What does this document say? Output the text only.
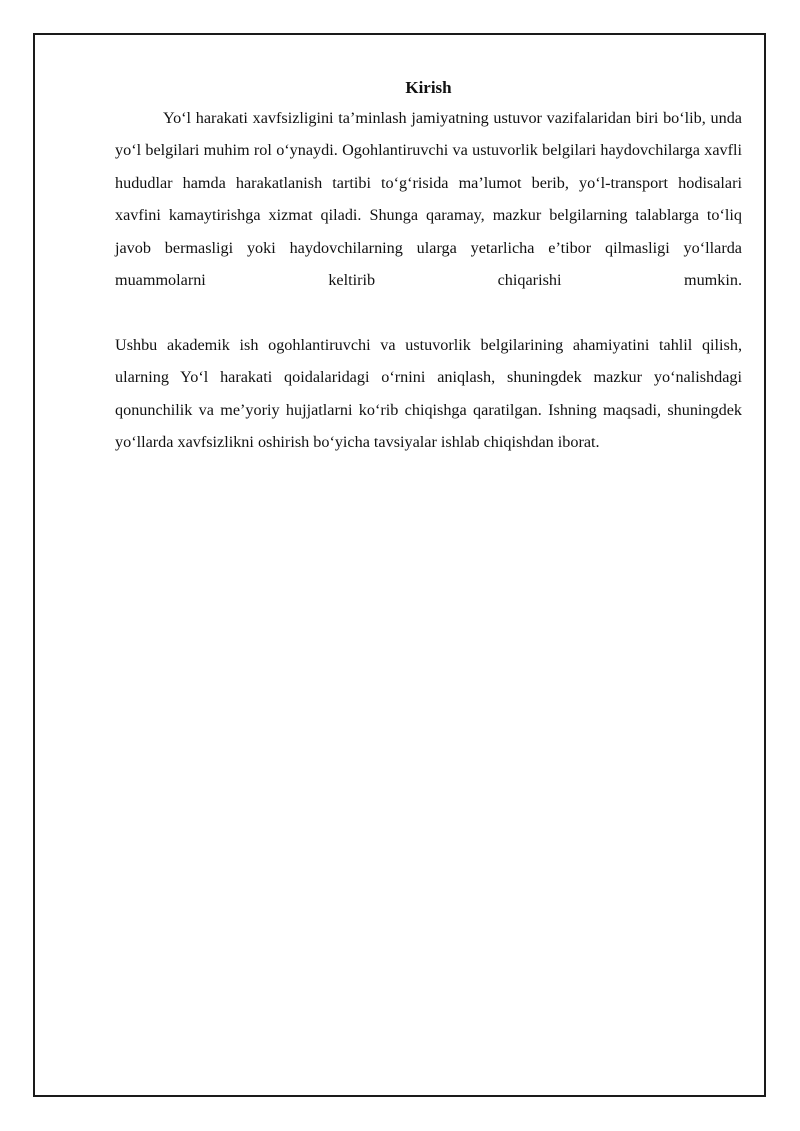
Kirish

Yo‘l harakati xavfsizligini ta’minlash jamiyatning ustuvor vazifalaridan biri bo‘lib, unda yo‘l belgilari muhim rol o‘ynaydi. Ogohlantiruvchi va ustuvorlik belgilari haydovchilarga xavfli hududlar hamda harakatlanish tartibi to‘g‘risida ma’lumot berib, yo‘l-transport hodisalari xavfini kamaytirishga xizmat qiladi. Shunga qaramay, mazkur belgilarning talablarga to‘liq javob bermasligi yoki haydovchilarning ularga yetarlicha e’tibor qilmasligi yo‘llarda muammolarni keltirib chiqarishi mumkin.

Ushbu akademik ish ogohlantiruvchi va ustuvorlik belgilarining ahamiyatini tahlil qilish, ularning Yo‘l harakati qoidalaridagi o‘rnini aniqlash, shuningdek mazkur yo‘nalishdagi qonunchilik va me’yoriy hujjatlarni ko‘rib chiqishga qaratilgan. Ishning maqsadi, shuningdek yo‘llarda xavfsizlikni oshirish bo‘yicha tavsiyalar ishlab chiqishdan iborat.
